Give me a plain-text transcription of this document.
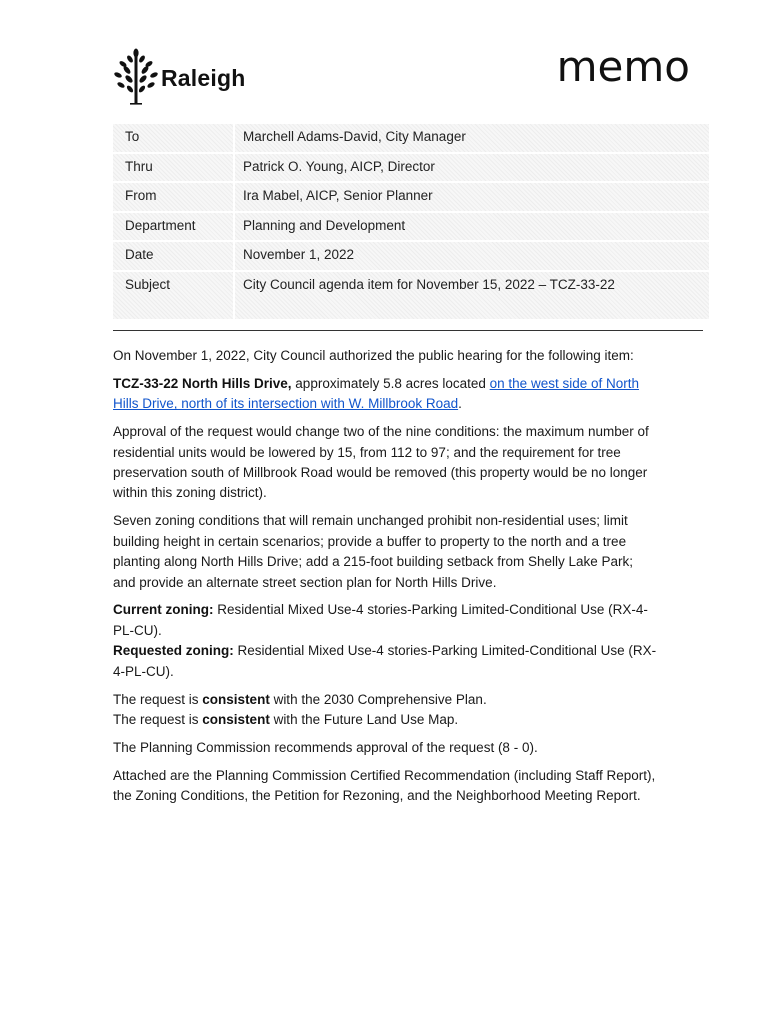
Raleigh	memo
To	Marchell Adams-David, City Manager
Thru	Patrick O. Young, AICP, Director
From	Ira Mabel, AICP, Senior Planner
Department	Planning and Development
Date	November 1, 2022
Subject	City Council agenda item for November 15, 2022 – TCZ-33-22

On November 1, 2022, City Council authorized the public hearing for the following item:

TCZ-33-22 North Hills Drive, approximately 5.8 acres located on the west side of North Hills Drive, north of its intersection with W. Millbrook Road.

Approval of the request would change two of the nine conditions: the maximum number of residential units would be lowered by 15, from 112 to 97; and the requirement for tree preservation south of Millbrook Road would be removed (this property would be no longer within this zoning district).

Seven zoning conditions that will remain unchanged prohibit non-residential uses; limit building height in certain scenarios; provide a buffer to property to the north and a tree planting along North Hills Drive; add a 215-foot building setback from Shelly Lake Park; and provide an alternate street section plan for North Hills Drive.

Current zoning: Residential Mixed Use-4 stories-Parking Limited-Conditional Use (RX-4-PL-CU).
Requested zoning: Residential Mixed Use-4 stories-Parking Limited-Conditional Use (RX-4-PL-CU).

The request is consistent with the 2030 Comprehensive Plan.
The request is consistent with the Future Land Use Map.

The Planning Commission recommends approval of the request (8 - 0).

Attached are the Planning Commission Certified Recommendation (including Staff Report), the Zoning Conditions, the Petition for Rezoning, and the Neighborhood Meeting Report.
